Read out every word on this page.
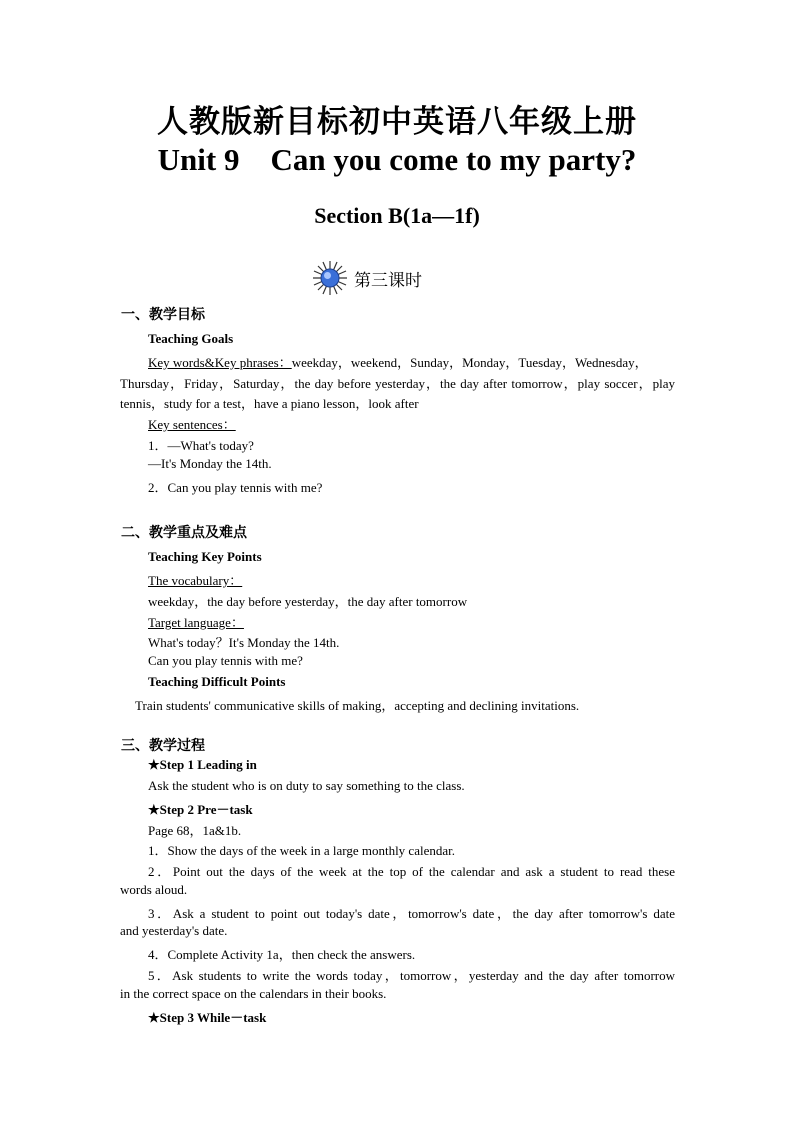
人教版新目标初中英语八年级上册
Unit 9    Can you come to my party?
Section B(1a—1f)
第三课时
一、教学目标
Teaching Goals
Key words&Key phrases：weekday，weekend，Sunday，Monday，Tuesday，Wednesday，
Thursday，Friday，Saturday，the day before yesterday，the day after tomorrow，play soccer，play
tennis，study for a test，have a piano lesson，look after
Key sentences：
1．—What's today?
—It's Monday the 14th.
2．Can you play tennis with me?
二、教学重点及难点
Teaching Key Points
The vocabulary：
weekday，the day before yesterday，the day after tomorrow
Target language：
What's today？It's Monday the 14th.
Can you play tennis with me?
Teaching Difficult Points
Train students' communicative skills of making，accepting and declining invitations.
三、教学过程
★Step 1 Leading in
Ask the student who is on duty to say something to the class.
★Step 2 Pre－task
Page 68，1a&1b.
1．Show the days of the week in a large monthly calendar.
2．Point out the days of the week at the top of the calendar and ask a student to read these
words aloud.
3．Ask a student to point out today's date，tomorrow's date，the day after tomorrow's date
and yesterday's date.
4．Complete Activity 1a，then check the answers.
5．Ask students to write the words today，tomorrow，yesterday and the day after tomorrow
in the correct space on the calendars in their books.
★Step 3 While－task
